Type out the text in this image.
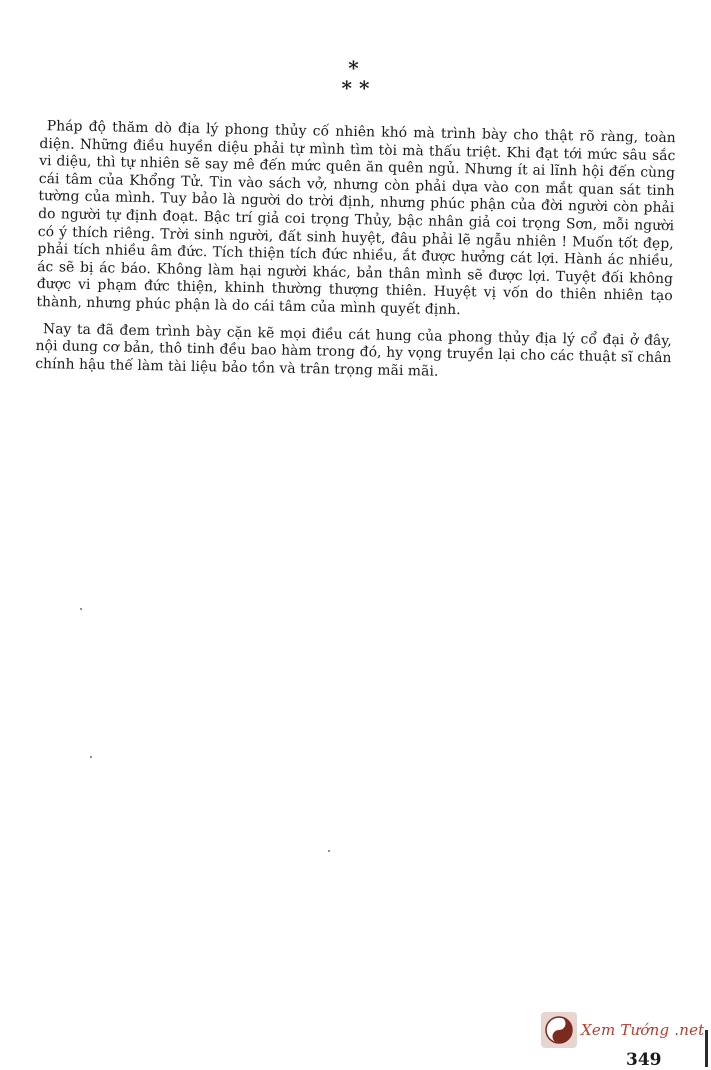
*
* *

Pháp độ thăm dò địa lý phong thủy cố nhiên khó mà trình bày cho thật rõ ràng, toàn diện. Những điều huyền diệu phải tự mình tìm tòi mà thấu triệt. Khi đạt tới mức sâu sắc vi diệu, thì tự nhiên sẽ say mê đến mức quên ăn quên ngủ. Nhưng ít ai lĩnh hội đến cùng cái tâm của Khổng Tử. Tin vào sách vở, nhưng còn phải dựa vào con mắt quan sát tinh tường của mình. Tuy bảo là người do trời định, nhưng phúc phận của đời người còn phải do người tự định đoạt. Bậc trí giả coi trọng Thủy, bậc nhân giả coi trọng Sơn, mỗi người có ý thích riêng. Trời sinh người, đất sinh huyệt, đâu phải lẽ ngẫu nhiên ! Muốn tốt đẹp, phải tích nhiều âm đức. Tích thiện tích đức nhiều, ắt được hưởng cát lợi. Hành ác nhiều, ác sẽ bị ác báo. Không làm hại người khác, bản thân mình sẽ được lợi. Tuyệt đối không được vi phạm đức thiện, khinh thường thượng thiên. Huyệt vị vốn do thiên nhiên tạo thành, nhưng phúc phận là do cái tâm của mình quyết định.

Nay ta đã đem trình bày cặn kẽ mọi điều cát hung của phong thủy địa lý cổ đại ở đây, nội dung cơ bản, thô tinh đều bao hàm trong đó, hy vọng truyền lại cho các thuật sĩ chân chính hậu thế làm tài liệu bảo tồn và trân trọng mãi mãi.

Xem Tướng .net
349
